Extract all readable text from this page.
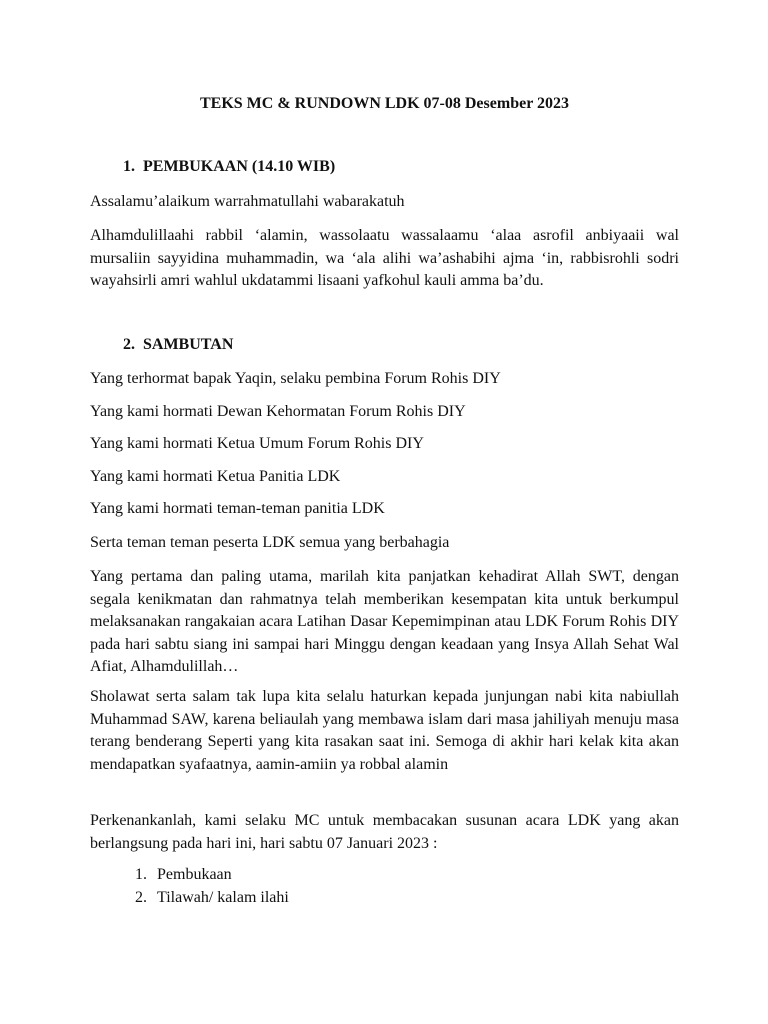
TEKS MC & RUNDOWN LDK 07-08 Desember 2023

1. PEMBUKAAN (14.10 WIB)

Assalamu’alaikum warrahmatullahi wabarakatuh

Alhamdulillaahi rabbil ‘alamin, wassolaatu wassalaamu ‘alaa asrofil anbiyaaii wal mursaliin sayyidina muhammadin, wa ‘ala alihi wa’ashabihi ajma ‘in, rabbisrohli sodri wayahsirli amri wahlul ukdatammi lisaani yafkohul kauli amma ba’du.

2. SAMBUTAN

Yang terhormat bapak Yaqin, selaku pembina Forum Rohis DIY

Yang kami hormati Dewan Kehormatan Forum Rohis DIY

Yang kami hormati Ketua Umum Forum Rohis DIY

Yang kami hormati Ketua Panitia LDK

Yang kami hormati teman-teman panitia LDK

Serta teman teman peserta LDK semua yang berbahagia

Yang pertama dan paling utama, marilah kita panjatkan kehadirat Allah SWT, dengan segala kenikmatan dan rahmatnya telah memberikan kesempatan kita untuk berkumpul melaksanakan rangakaian acara Latihan Dasar Kepemimpinan atau LDK Forum Rohis DIY pada hari sabtu siang ini sampai hari Minggu dengan keadaan yang Insya Allah Sehat Wal Afiat, Alhamdulillah…

Sholawat serta salam tak lupa kita selalu haturkan kepada junjungan nabi kita nabiullah Muhammad SAW, karena beliaulah yang membawa islam dari masa jahiliyah menuju masa terang benderang Seperti yang kita rasakan saat ini. Semoga di akhir hari kelak kita akan mendapatkan syafaatnya, aamin-amiin ya robbal alamin

Perkenankanlah, kami selaku MC untuk membacakan susunan acara LDK yang akan berlangsung pada hari ini, hari sabtu 07 Januari 2023 :

1. Pembukaan

2. Tilawah/ kalam ilahi
